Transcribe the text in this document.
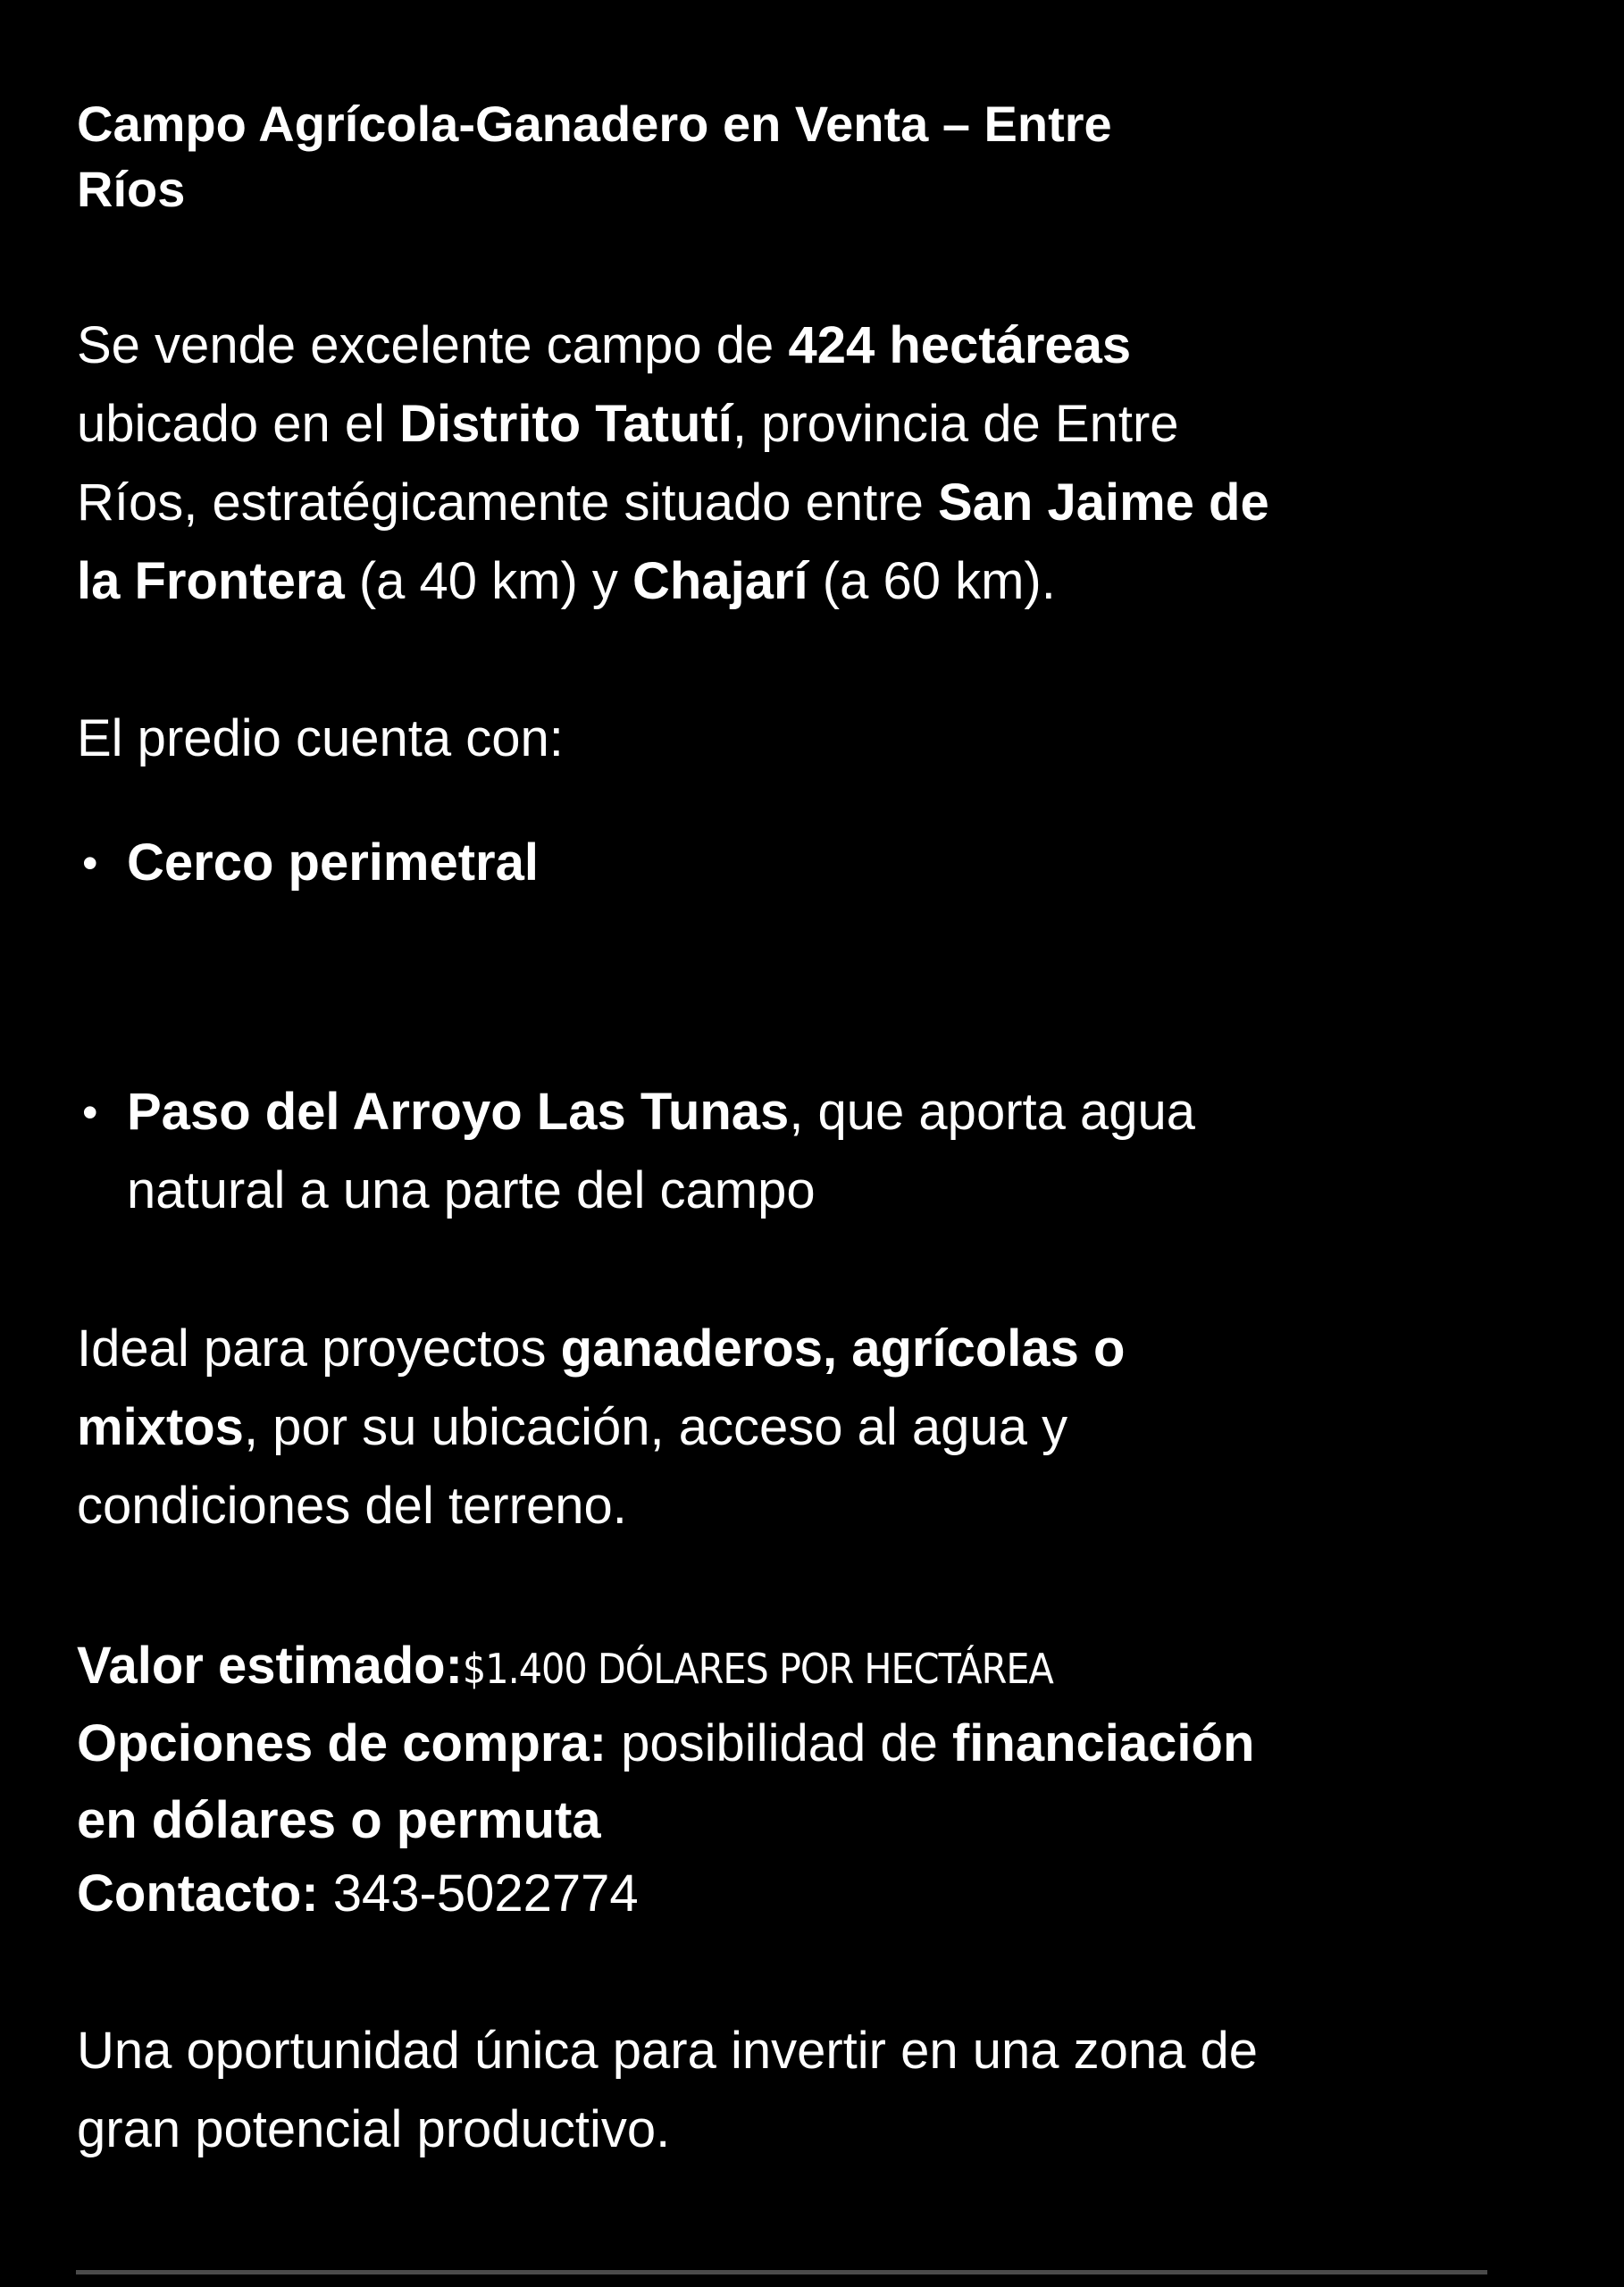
Campo Agrícola-Ganadero en Venta – Entre
Ríos
Se vende excelente campo de 424 hectáreas
ubicado en el Distrito Tatutí, provincia de Entre
Ríos, estratégicamente situado entre San Jaime de
la Frontera (a 40 km) y Chajarí (a 60 km).
El predio cuenta con:
• Cerco perimetral
• Paso del Arroyo Las Tunas, que aporta agua
natural a una parte del campo
Ideal para proyectos ganaderos, agrícolas o
mixtos, por su ubicación, acceso al agua y
condiciones del terreno.
Valor estimado:$1.400 DÓLARES POR HECTÁREA
Opciones de compra: posibilidad de financiación
en dólares o permuta
Contacto: 343-5022774
Una oportunidad única para invertir en una zona de
gran potencial productivo.
